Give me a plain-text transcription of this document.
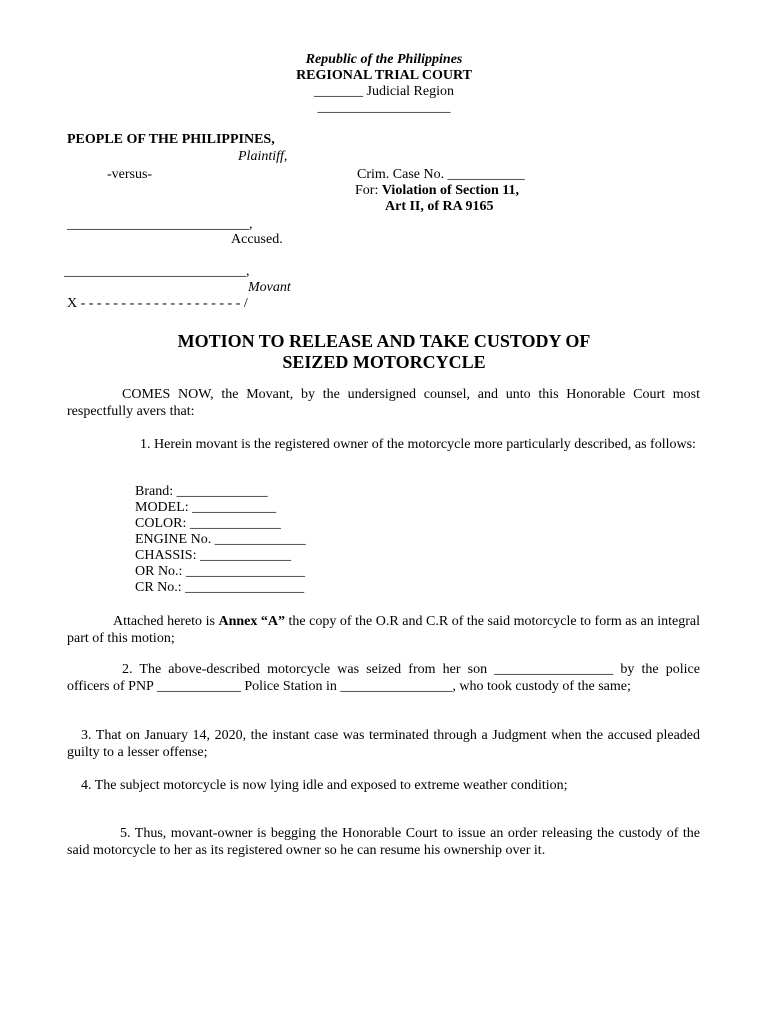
Republic of the Philippines
REGIONAL TRIAL COURT
_______ Judicial Region
___________________
PEOPLE OF THE PHILIPPINES,
Plaintiff,
-versus-	Crim. Case No. ___________
For: Violation of Section 11,
Art II, of RA 9165
__________________________,
Accused.
__________________________,
Movant
X - - - - - - - - - - - - - - - - - - - - /
MOTION TO RELEASE AND TAKE CUSTODY OF
SEIZED MOTORCYCLE
COMES NOW, the Movant, by the undersigned counsel, and unto this Honorable Court most respectfully avers that:
1. Herein movant is the registered owner of the motorcycle more particularly described, as follows:
Brand: _____________
MODEL: ____________
COLOR: _____________
ENGINE No. _____________
CHASSIS: _____________
OR No.: _________________
CR No.: _________________
Attached hereto is Annex “A” the copy of the O.R and C.R of the said motorcycle to form as an integral part of this motion;
2. The above-described motorcycle was seized from her son _________________ by the police officers of PNP ____________ Police Station in ________________, who took custody of the same;
3. That on January 14, 2020, the instant case was terminated through a Judgment when the accused pleaded guilty to a lesser offense;
4. The subject motorcycle is now lying idle and exposed to extreme weather condition;
5. Thus, movant-owner is begging the Honorable Court to issue an order releasing the custody of the said motorcycle to her as its registered owner so he can resume his ownership over it.
